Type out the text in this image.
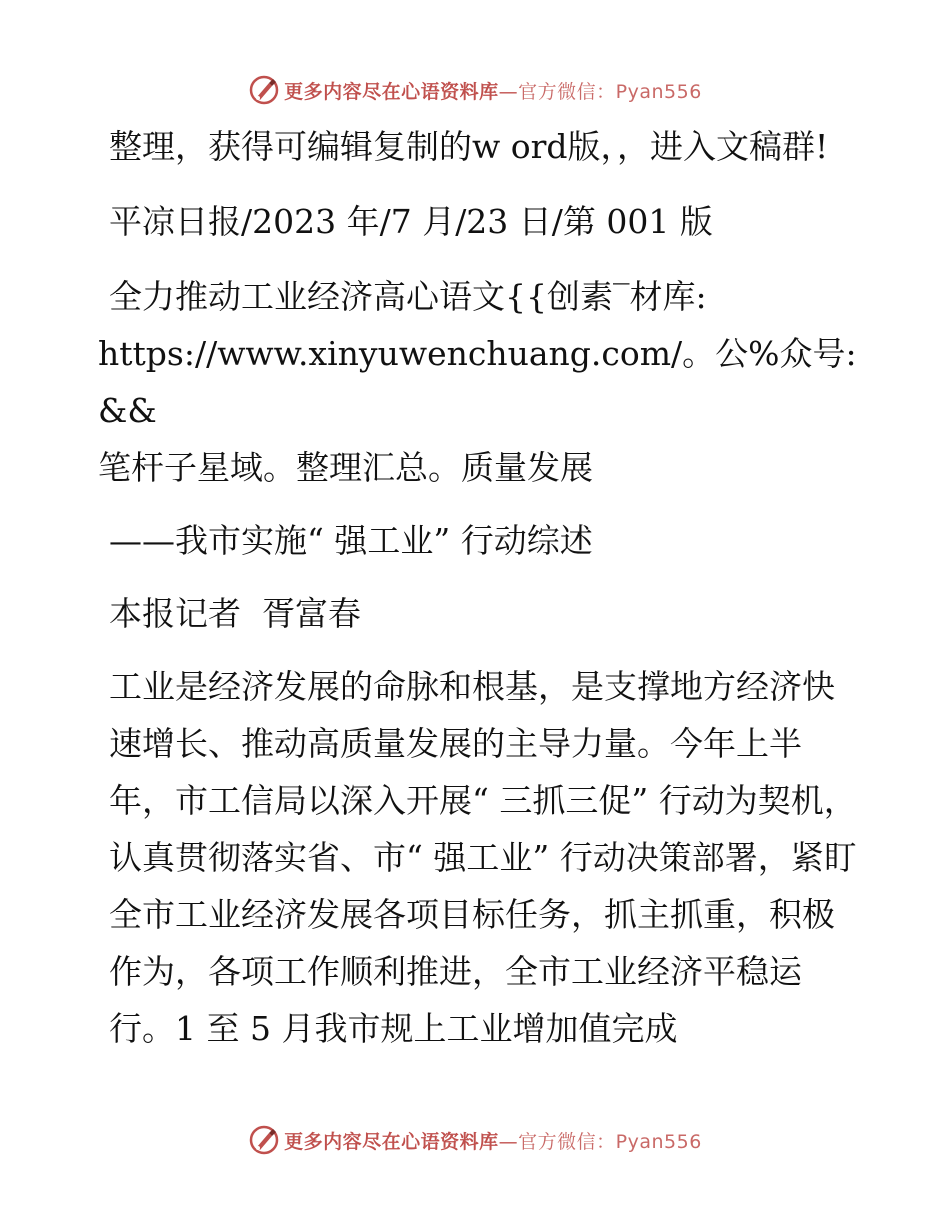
更多内容尽在心语资料库—官方微信：Pyan556

整理，获得可编辑复制的w ord版，，进入文稿群!

平凉日报/2023 年/7 月/23 日/第 001 版

全力推动工业经济高心语文{{创素‾材库:

https://www.xinyuwenchuang.com/。公%众号: &&

笔杆子星域。整理汇总。质量发展

——我市实施“ 强工业” 行动综述

本报记者  胥富春

工业是经济发展的命脉和根基，是支撑地方经济快速增长、推动高质量发展的主导力量。今年上半年，市工信局以深入开展“ 三抓三促” 行动为契机，认真贯彻落实省、市“ 强工业” 行动决策部署，紧盯全市工业经济发展各项目标任务，抓主抓重，积极作为，各项工作顺利推进，全市工业经济平稳运行。1 至 5 月我市规上工业增加值完成

更多内容尽在心语资料库—官方微信：Pyan556
